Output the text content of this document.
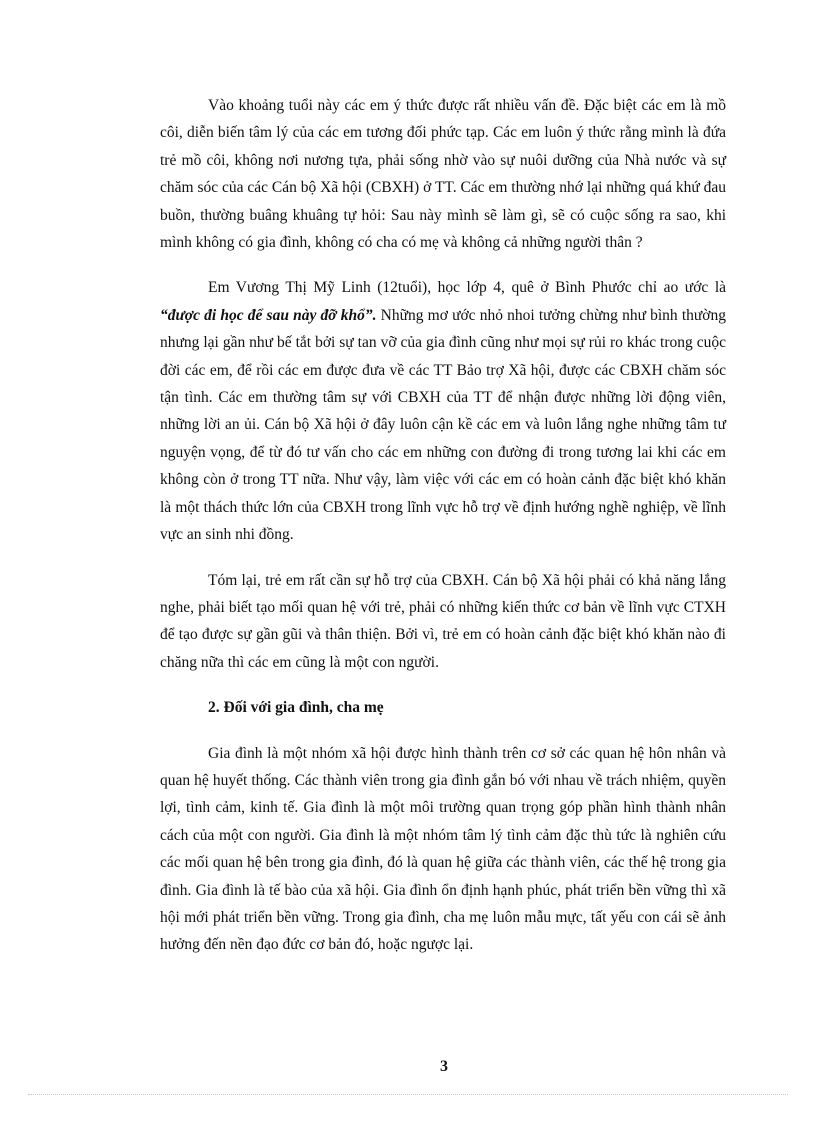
Vào khoảng tuổi này các em ý thức được rất nhiều vấn đề. Đặc biệt các em là mồ côi, diễn biến tâm lý của các em tương đối phức tạp. Các em luôn ý thức rằng mình là đứa trẻ mồ côi, không nơi nương tựa, phải sống nhờ vào sự nuôi dưỡng của Nhà nước và sự chăm sóc của các Cán bộ Xã hội (CBXH) ở TT. Các em thường nhớ lại những quá khứ đau buồn, thường buâng khuâng tự hỏi: Sau này mình sẽ làm gì, sẽ có cuộc sống ra sao, khi mình không có gia đình, không có cha có mẹ và không cả những người thân ?

Em Vương Thị Mỹ Linh (12tuổi), học lớp 4, quê ở Bình Phước chỉ ao ước là “được đi học để sau này đỡ khổ”. Những mơ ước nhỏ nhoi tưởng chừng như bình thường nhưng lại gần như bế tắt bởi sự tan vỡ của gia đình cũng như mọi sự rủi ro khác trong cuộc đời các em, để rồi các em được đưa về các TT Bảo trợ Xã hội, được các CBXH chăm sóc tận tình. Các em thường tâm sự với CBXH của TT để nhận được những lời động viên, những lời an ủi. Cán bộ Xã hội ở đây luôn cận kề các em và luôn lắng nghe những tâm tư nguyện vọng, để từ đó tư vấn cho các em những con đường đi trong tương lai khi các em không còn ở trong TT nữa. Như vậy, làm việc với các em có hoàn cảnh đặc biệt khó khăn là một thách thức lớn của CBXH trong lĩnh vực hỗ trợ về định hướng nghề nghiệp, về lĩnh vực an sinh nhi đồng.

Tóm lại, trẻ em rất cần sự hỗ trợ của CBXH. Cán bộ Xã hội phải có khả năng lắng nghe, phải biết tạo mối quan hệ với trẻ, phải có những kiến thức cơ bản về lĩnh vực CTXH để tạo được sự gần gũi và thân thiện. Bởi vì, trẻ em có hoàn cảnh đặc biệt khó khăn nào đi chăng nữa thì các em cũng là một con người.

2. Đối với gia đình, cha mẹ

Gia đình là một nhóm xã hội được hình thành trên cơ sở các quan hệ hôn nhân và quan hệ huyết thống. Các thành viên trong gia đình gắn bó với nhau về trách nhiệm, quyền lợi, tình cảm, kinh tế. Gia đình là một môi trường quan trọng góp phần hình thành nhân cách của một con người. Gia đình là một nhóm tâm lý tình cảm đặc thù tức là nghiên cứu các mối quan hệ bên trong gia đình, đó là quan hệ giữa các thành viên, các thế hệ trong gia đình. Gia đình là tế bào của xã hội. Gia đình ổn định hạnh phúc, phát triển bền vững thì xã hội mới phát triển bền vững. Trong gia đình, cha mẹ luôn mẫu mực, tất yếu con cái sẽ ảnh hưởng đến nền đạo đức cơ bản đó, hoặc ngược lại.

3
